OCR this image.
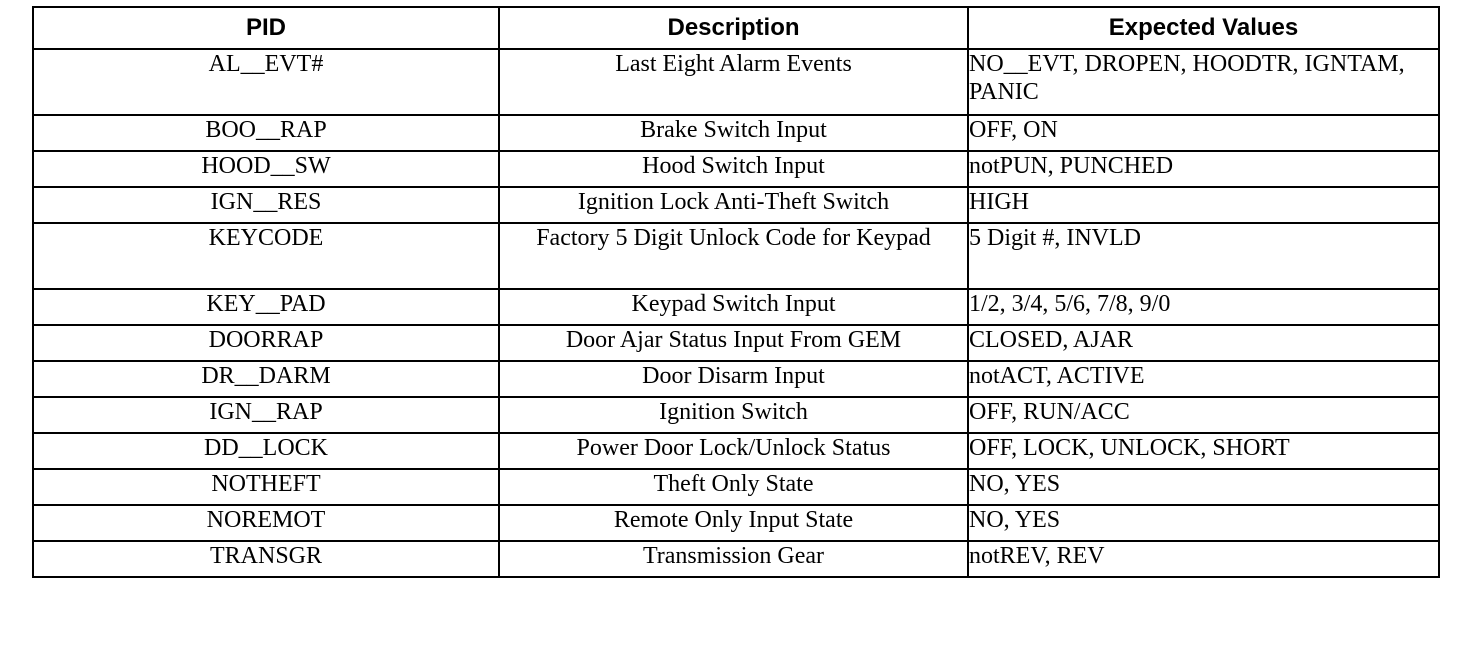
PID	Description	Expected Values
AL__EVT#	Last Eight Alarm Events	NO__EVT, DROPEN, HOODTR, IGNTAM, PANIC
BOO__RAP	Brake Switch Input	OFF, ON
HOOD__SW	Hood Switch Input	notPUN, PUNCHED
IGN__RES	Ignition Lock Anti-Theft Switch	HIGH
KEYCODE	Factory 5 Digit Unlock Code for Keypad	5 Digit #, INVLD
KEY__PAD	Keypad Switch Input	1/2, 3/4, 5/6, 7/8, 9/0
DOORRAP	Door Ajar Status Input From GEM	CLOSED, AJAR
DR__DARM	Door Disarm Input	notACT, ACTIVE
IGN__RAP	Ignition Switch	OFF, RUN/ACC
DD__LOCK	Power Door Lock/Unlock Status	OFF, LOCK, UNLOCK, SHORT
NOTHEFT	Theft Only State	NO, YES
NOREMOT	Remote Only Input State	NO, YES
TRANSGR	Transmission Gear	notREV, REV
